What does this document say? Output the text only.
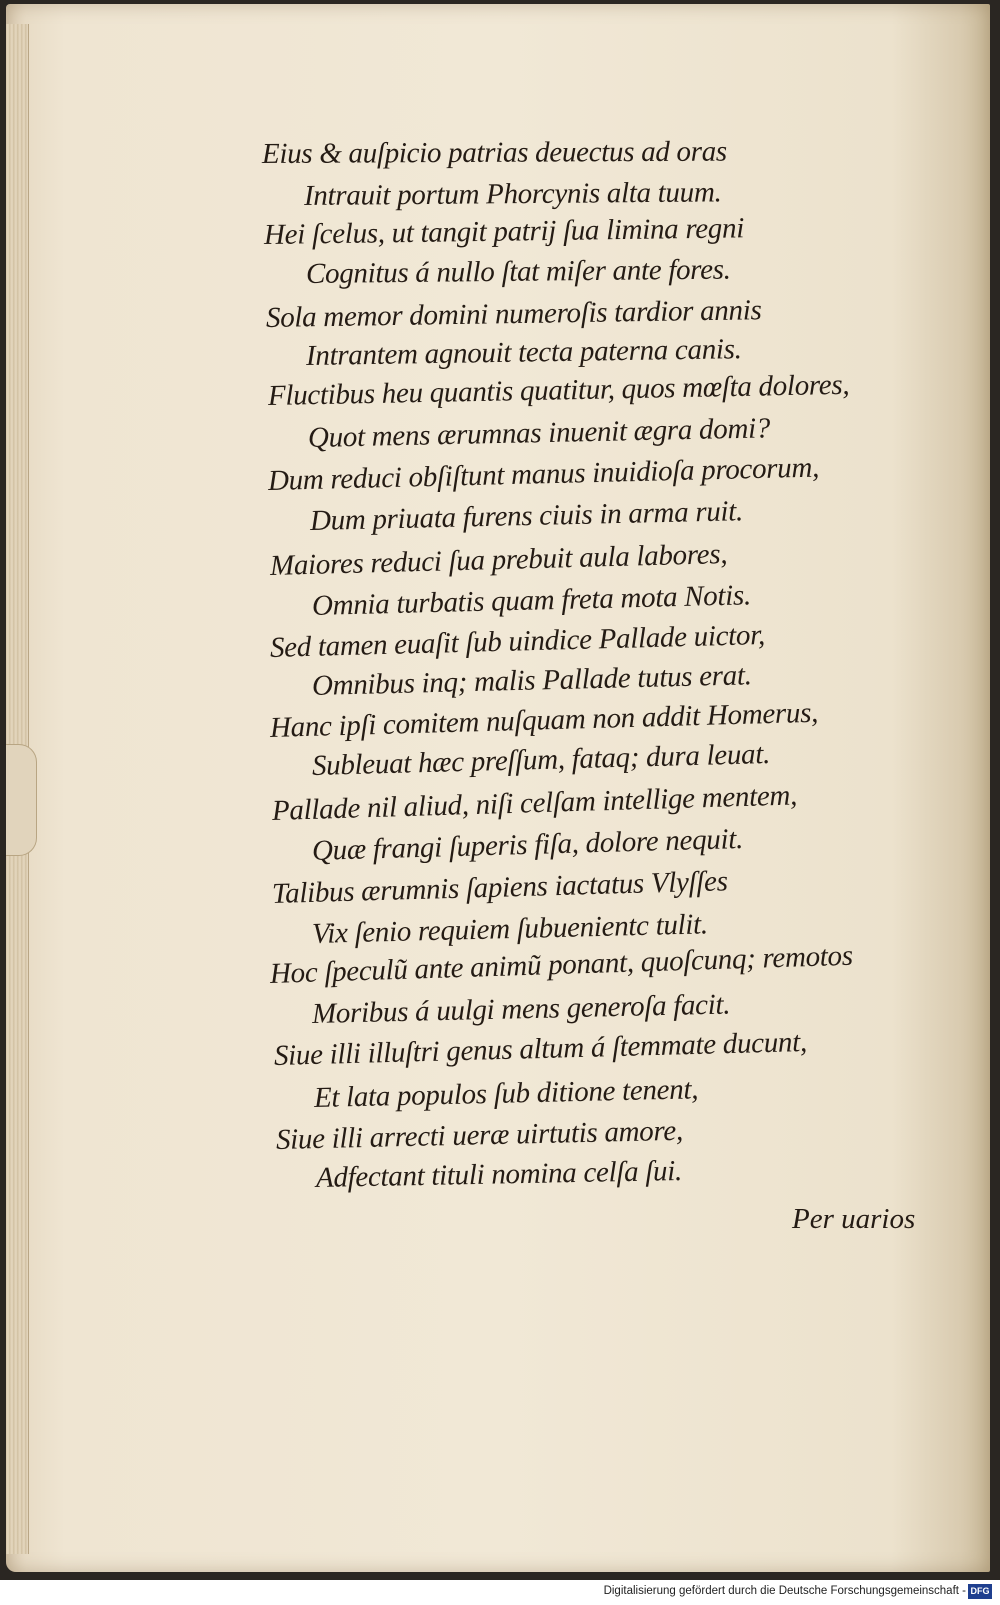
Eius & auſpicio patrias deuectus ad oras
Intrauit portum Phorcynis alta tuum.
Hei ſcelus, ut tangit patrij ſua limina regni
Cognitus á nullo ſtat miſer ante fores.
Sola memor domini numeroſis tardior annis
Intrantem agnouit tecta paterna canis.
Fluctibus heu quantis quatitur, quos mœſta dolores,
Quot mens ærumnas inuenit ægra domi?
Dum reduci obſiſtunt manus inuidioſa procorum,
Dum priuata furens ciuis in arma ruit.
Maiores reduci ſua prebuit aula labores,
Omnia turbatis quam freta mota Notis.
Sed tamen euaſit ſub uindice Pallade uictor,
Omnibus inq; malis Pallade tutus erat.
Hanc ipſi comitem nuſquam non addit Homerus,
Subleuat hæc preſſum, fataq; dura leuat.
Pallade nil aliud, niſi celſam intellige mentem,
Quæ frangi ſuperis fiſa, dolore nequit.
Talibus ærumnis ſapiens iactatus Vlyſſes
Vix ſenio requiem ſubuenientc tulit.
Hoc ſpeculũ ante animũ ponant, quoſcunq; remotos
Moribus á uulgi mens generoſa facit.
Siue illi illuſtri genus altum á ſtemmate ducunt,
Et lata populos ſub ditione tenent,
Siue illi arrecti ueræ uirtutis amore,
Adfectant tituli nomina celſa ſui.
Per uarios
Digitalisierung gefördert durch die Deutsche Forschungsgemeinschaft - DFG
